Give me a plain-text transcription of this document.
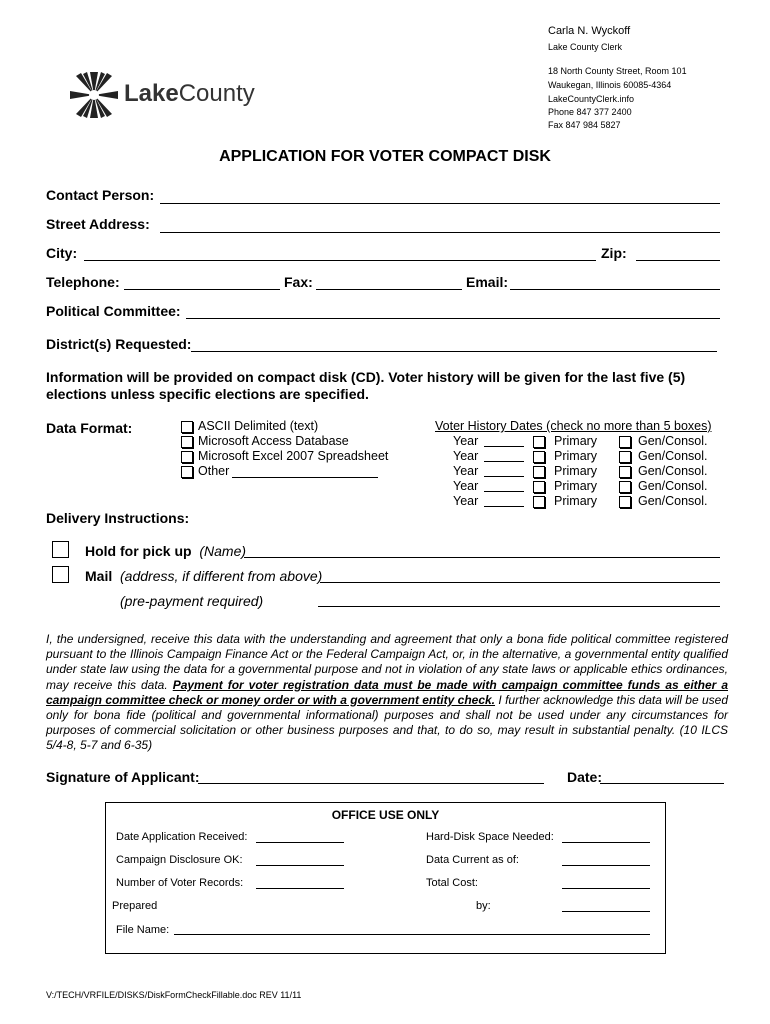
Carla N. Wyckoff
Lake County Clerk
18 North County Street, Room 101
Waukegan, Illinois 60085-4364
LakeCountyClerk.info
Phone 847 377 2400
Fax 847 984 5827
LakeCounty
APPLICATION FOR VOTER COMPACT DISK
Contact Person:
Street Address:
City:	Zip:
Telephone:	Fax:	Email:
Political Committee:
District(s) Requested:
Information will be provided on compact disk (CD). Voter history will be given for the last five (5) elections unless specific elections are specified.
Data Format:	ASCII Delimited (text)
Microsoft Access Database
Microsoft Excel 2007 Spreadsheet
Other
Voter History Dates (check no more than 5 boxes)
Year	Primary	Gen/Consol.
Year	Primary	Gen/Consol.
Year	Primary	Gen/Consol.
Year	Primary	Gen/Consol.
Year	Primary	Gen/Consol.
Delivery Instructions:
Hold for pick up (Name)
Mail (address, if different from above)
(pre-payment required)
I, the undersigned, receive this data with the understanding and agreement that only a bona fide political committee registered pursuant to the Illinois Campaign Finance Act or the Federal Campaign Act, or, in the alternative, a governmental entity qualified under state law using the data for a governmental purpose and not in violation of any state laws or applicable ethics ordinances, may receive this data. Payment for voter registration data must be made with campaign committee funds as either a campaign committee check or money order or with a government entity check. I further acknowledge this data will be used only for bona fide (political and governmental informational) purposes and shall not be used under any circumstances for purposes of commercial solicitation or other business purposes and that, to do so, may result in substantial penalty. (10 ILCS 5/4-8, 5-7 and 6-35)
Signature of Applicant:	Date:
OFFICE USE ONLY
Date Application Received:	Hard-Disk Space Needed:
Campaign Disclosure OK:	Data Current as of:
Number of Voter Records:	Total Cost:
Prepared	by:
File Name:
V:/TECH/VRFILE/DISKS/DiskFormCheckFillable.doc REV 11/11
